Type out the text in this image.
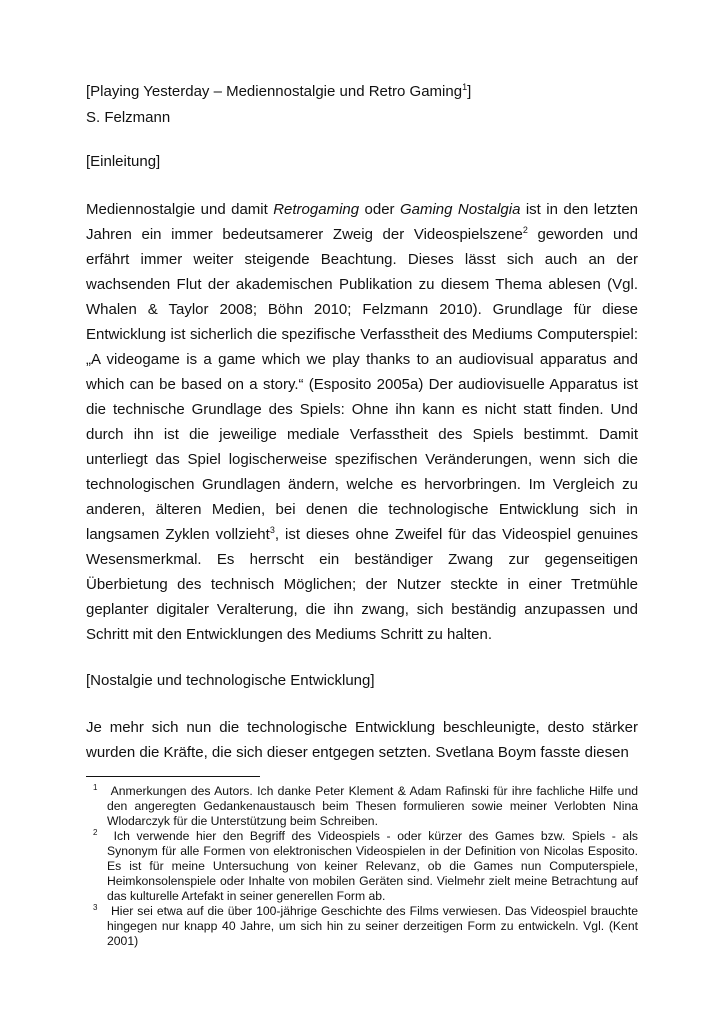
[Playing Yesterday – Mediennostalgie und Retro Gaming$^1$]

S. Felzmann

[Einleitung]

Mediennostalgie und damit Retrogaming oder Gaming Nostalgia ist in den letzten Jahren ein immer bedeutsamerer Zweig der Videospielszene$^2$ geworden und erfährt immer weiter steigende Beachtung. Dieses lässt sich auch an der wachsenden Flut der akademischen Publikation zu diesem Thema ablesen (Vgl. Whalen & Taylor 2008; Böhn 2010; Felzmann 2010). Grundlage für diese Entwicklung ist sicherlich die spezifische Verfasstheit des Mediums Computerspiel: „A videogame is a game which we play thanks to an audiovisual apparatus and which can be based on a story.“ (Esposito 2005a) Der audiovisuelle Apparatus ist die technische Grundlage des Spiels: Ohne ihn kann es nicht statt finden. Und durch ihn ist die jeweilige mediale Verfasstheit des Spiels bestimmt. Damit unterliegt das Spiel logischerweise spezifischen Veränderungen, wenn sich die technologischen Grundlagen ändern, welche es hervorbringen. Im Vergleich zu anderen, älteren Medien, bei denen die technologische Entwicklung sich in langsamen Zyklen vollzieht$^3$, ist dieses ohne Zweifel für das Videospiel genuines Wesensmerkmal. Es herrscht ein beständiger Zwang zur gegenseitigen Überbietung des technisch Möglichen; der Nutzer steckte in einer Tretmühle geplanter digitaler Veralterung, die ihn zwang, sich beständig anzupassen und Schritt mit den Entwicklungen des Mediums Schritt zu halten.

[Nostalgie und technologische Entwicklung]

Je mehr sich nun die technologische Entwicklung beschleunigte, desto stärker wurden die Kräfte, die sich dieser entgegen setzten. Svetlana Boym fasste diesen

$^1$ Anmerkungen des Autors. Ich danke Peter Klement & Adam Rafinski für ihre fachliche Hilfe und den angeregten Gedankenaustausch beim Thesen formulieren sowie meiner Verlobten Nina Wlodarczyk für die Unterstützung beim Schreiben.

$^2$ Ich verwende hier den Begriff des Videospiels - oder kürzer des Games bzw. Spiels - als Synonym für alle Formen von elektronischen Videospielen in der Definition von Nicolas Esposito. Es ist für meine Untersuchung von keiner Relevanz, ob die Games nun Computerspiele, Heimkonsolenspiele oder Inhalte von mobilen Geräten sind. Vielmehr zielt meine Betrachtung auf das kulturelle Artefakt in seiner generellen Form ab.

$^3$ Hier sei etwa auf die über 100-jährige Geschichte des Films verwiesen. Das Videospiel brauchte hingegen nur knapp 40 Jahre, um sich hin zu seiner derzeitigen Form zu entwickeln. Vgl. (Kent 2001)
